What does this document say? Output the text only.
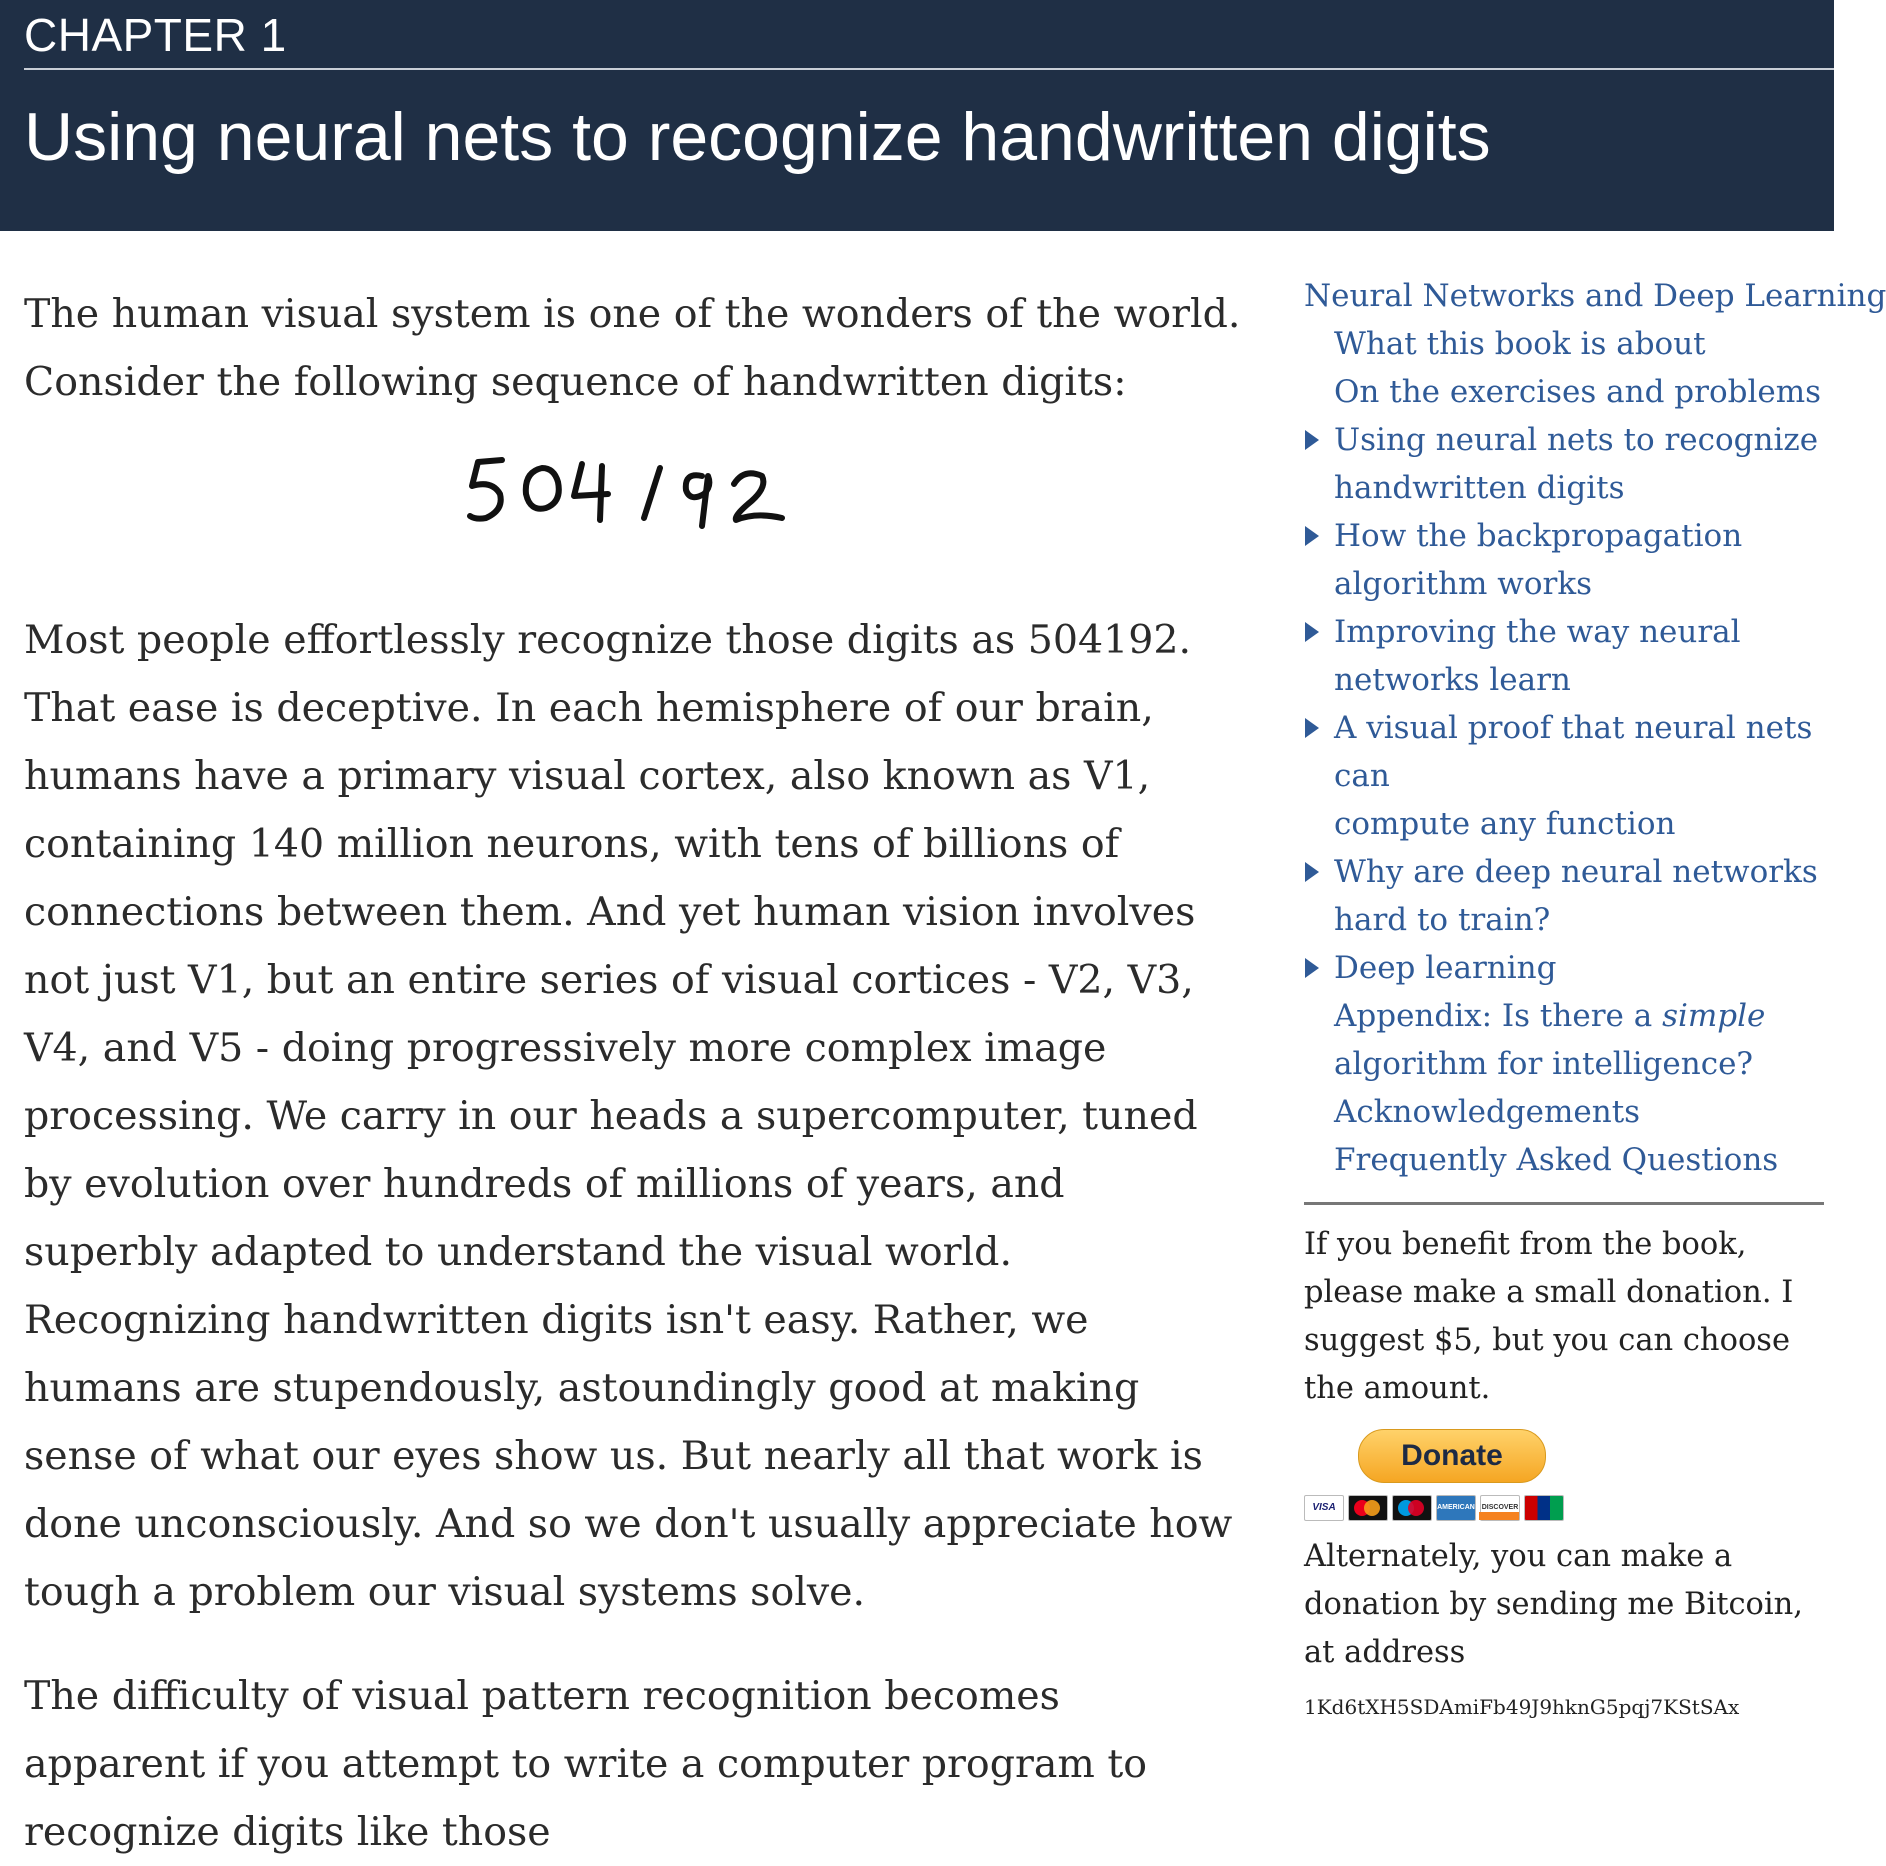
CHAPTER 1
Using neural nets to recognize handwritten digits

The human visual system is one of the wonders of the world. Consider the following sequence of handwritten digits:

Most people effortlessly recognize those digits as 504192. That ease is deceptive. In each hemisphere of our brain, humans have a primary visual cortex, also known as V1, containing 140 million neurons, with tens of billions of connections between them. And yet human vision involves not just V1, but an entire series of visual cortices - V2, V3, V4, and V5 - doing progressively more complex image processing. We carry in our heads a supercomputer, tuned by evolution over hundreds of millions of years, and superbly adapted to understand the visual world. Recognizing handwritten digits isn't easy. Rather, we humans are stupendously, astoundingly good at making sense of what our eyes show us. But nearly all that work is done unconsciously. And so we don't usually appreciate how tough a problem our visual systems solve.

The difficulty of visual pattern recognition becomes apparent if you attempt to write a computer program to recognize digits like those

Neural Networks and Deep Learning
What this book is about
On the exercises and problems
Using neural nets to recognize
handwritten digits
How the backpropagation
algorithm works
Improving the way neural
networks learn
A visual proof that neural nets can
compute any function
Why are deep neural networks
hard to train?
Deep learning
Appendix: Is there a simple
algorithm for intelligence?
Acknowledgements
Frequently Asked Questions
If you benefit from the book, please make a small donation. I suggest $5, but you can choose the amount.
Donate
VISA	AMERICAN EXPRESS
DISCOVER
Alternately, you can make a donation by sending me Bitcoin, at address
1Kd6tXH5SDAmiFb49J9hknG5pqj7KStSAx
